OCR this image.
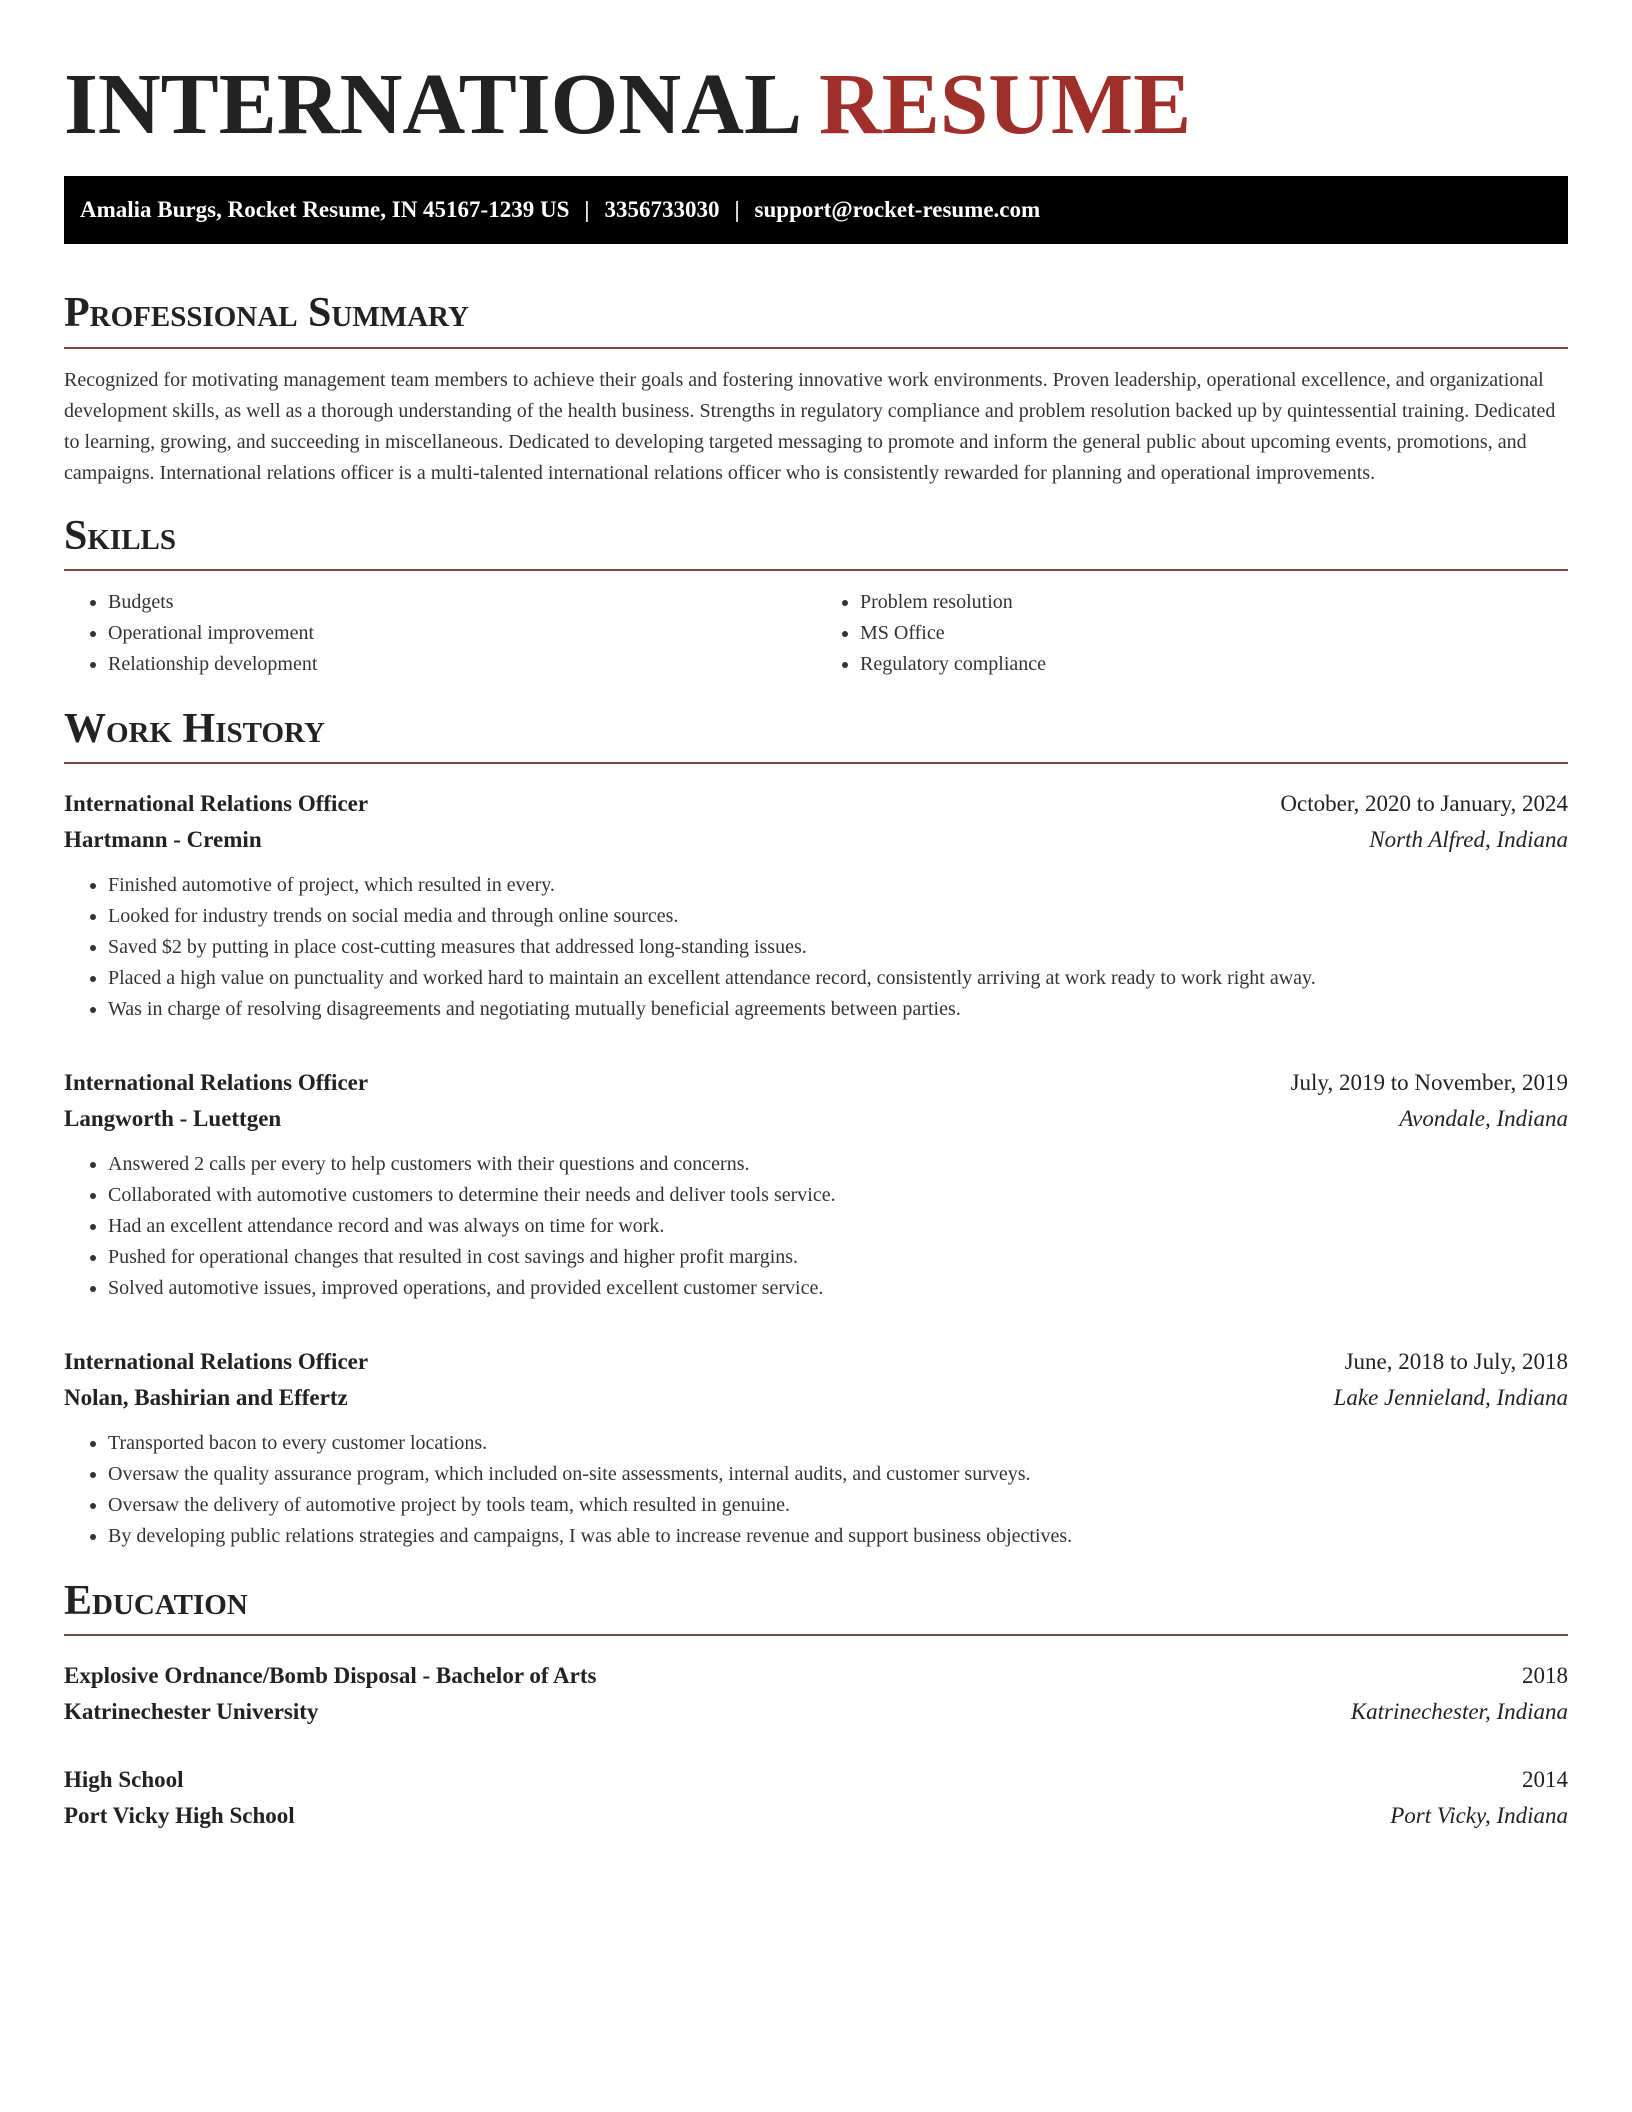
INTERNATIONAL RESUME
Amalia Burgs, Rocket Resume, IN 45167-1239 US | 3356733030 | support@rocket-resume.com
Professional Summary

Recognized for motivating management team members to achieve their goals and fostering innovative work environments. Proven leadership, operational excellence, and organizational development skills, as well as a thorough understanding of the health business. Strengths in regulatory compliance and problem resolution backed up by quintessential training. Dedicated to learning, growing, and succeeding in miscellaneous. Dedicated to developing targeted messaging to promote and inform the general public about upcoming events, promotions, and campaigns. International relations officer is a multi-talented international relations officer who is consistently rewarded for planning and operational improvements.

Skills
• Budgets
• Operational improvement
• Relationship development
• Problem resolution
• MS Office
• Regulatory compliance
Work History
International Relations Officer	October, 2020 to January, 2024
Hartmann - Cremin	North Alfred, Indiana
• Finished automotive of project, which resulted in every.
• Looked for industry trends on social media and through online sources.
• Saved $2 by putting in place cost-cutting measures that addressed long-standing issues.
• Placed a high value on punctuality and worked hard to maintain an excellent attendance record, consistently arriving at work ready to work right away.
• Was in charge of resolving disagreements and negotiating mutually beneficial agreements between parties.
International Relations Officer	July, 2019 to November, 2019
Langworth - Luettgen	Avondale, Indiana
• Answered 2 calls per every to help customers with their questions and concerns.
• Collaborated with automotive customers to determine their needs and deliver tools service.
• Had an excellent attendance record and was always on time for work.
• Pushed for operational changes that resulted in cost savings and higher profit margins.
• Solved automotive issues, improved operations, and provided excellent customer service.
International Relations Officer	June, 2018 to July, 2018
Nolan, Bashirian and Effertz	Lake Jennieland, Indiana
• Transported bacon to every customer locations.
• Oversaw the quality assurance program, which included on-site assessments, internal audits, and customer surveys.
• Oversaw the delivery of automotive project by tools team, which resulted in genuine.
• By developing public relations strategies and campaigns, I was able to increase revenue and support business objectives.
Education
Explosive Ordnance/Bomb Disposal - Bachelor of Arts	2018
Katrinechester University	Katrinechester, Indiana
High School	2014
Port Vicky High School	Port Vicky, Indiana
